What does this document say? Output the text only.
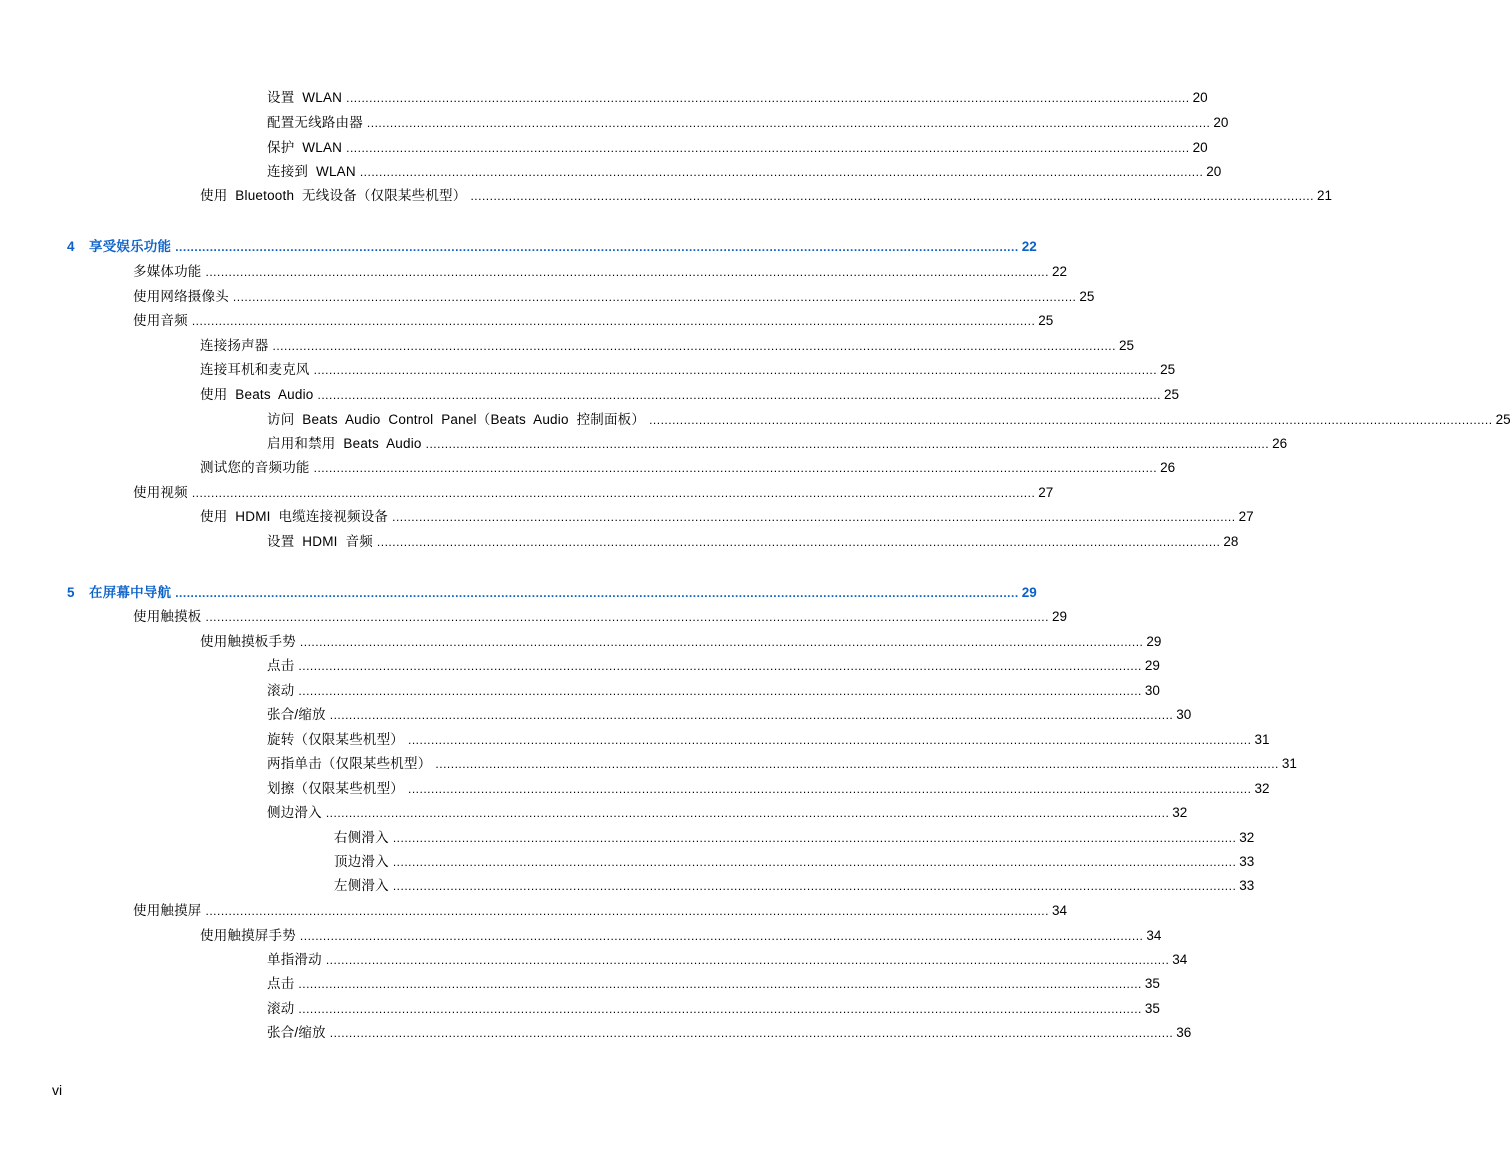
设置  WLAN ............................................................................................................................................................................................................................ 20
配置无线路由器 ............................................................................................................................................................................................................................ 20
保护  WLAN ............................................................................................................................................................................................................................ 20
连接到  WLAN ............................................................................................................................................................................................................................ 20
使用  Bluetooth  无线设备（仅限某些机型） ............................................................................................................................................................................................................................ 21
4 享受娱乐功能 ............................................................................................................................................................................................................................ 22
多媒体功能 ............................................................................................................................................................................................................................ 22
使用网络摄像头 ............................................................................................................................................................................................................................ 25
使用音频 ............................................................................................................................................................................................................................ 25
连接扬声器 ............................................................................................................................................................................................................................ 25
连接耳机和麦克风 ............................................................................................................................................................................................................................ 25
使用  Beats  Audio ............................................................................................................................................................................................................................ 25
访问  Beats  Audio  Control  Panel（Beats  Audio  控制面板） ............................................................................................................................................................................................................................ 25
启用和禁用  Beats  Audio ............................................................................................................................................................................................................................ 26
测试您的音频功能 ............................................................................................................................................................................................................................ 26
使用视频 ............................................................................................................................................................................................................................ 27
使用  HDMI  电缆连接视频设备 ............................................................................................................................................................................................................................ 27
设置  HDMI  音频 ............................................................................................................................................................................................................................ 28
5 在屏幕中导航 ............................................................................................................................................................................................................................ 29
使用触摸板 ............................................................................................................................................................................................................................ 29
使用触摸板手势 ............................................................................................................................................................................................................................ 29
点击 ............................................................................................................................................................................................................................ 29
滚动 ............................................................................................................................................................................................................................ 30
张合/缩放 ............................................................................................................................................................................................................................ 30
旋转（仅限某些机型） ............................................................................................................................................................................................................................ 31
两指单击（仅限某些机型） ............................................................................................................................................................................................................................ 31
划擦（仅限某些机型） ............................................................................................................................................................................................................................ 32
侧边滑入 ............................................................................................................................................................................................................................ 32
右侧滑入 ............................................................................................................................................................................................................................ 32
顶边滑入 ............................................................................................................................................................................................................................ 33
左侧滑入 ............................................................................................................................................................................................................................ 33
使用触摸屏 ............................................................................................................................................................................................................................ 34
使用触摸屏手势 ............................................................................................................................................................................................................................ 34
单指滑动 ............................................................................................................................................................................................................................ 34
点击 ............................................................................................................................................................................................................................ 35
滚动 ............................................................................................................................................................................................................................ 35
张合/缩放 ............................................................................................................................................................................................................................ 36
vi
